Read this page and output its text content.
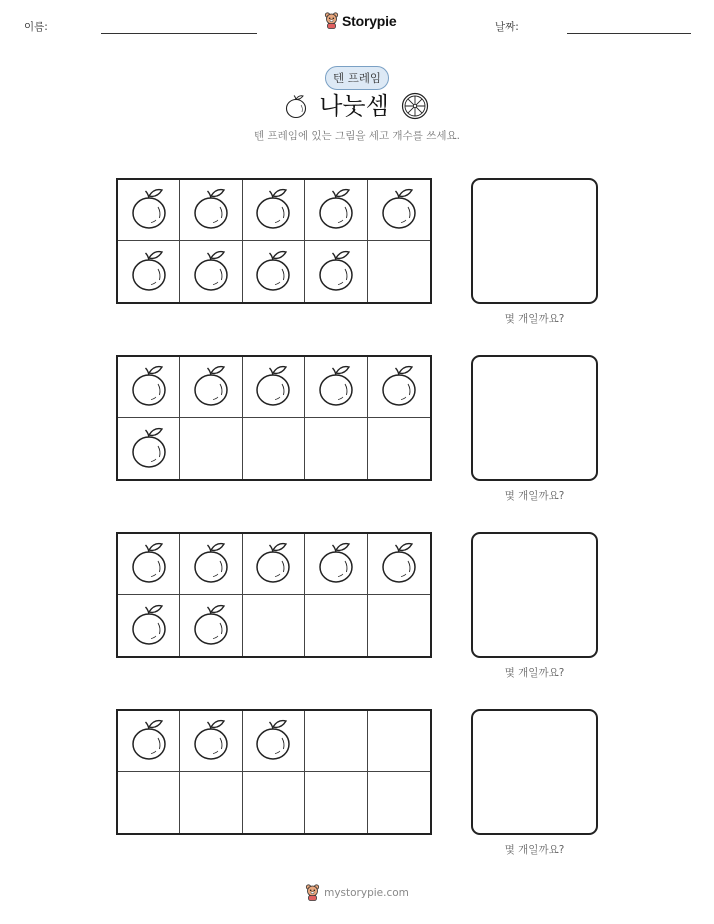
이름:	Storypie	날짜:
텐 프레임
나눗셈
텐 프레임에 있는 그림을 세고 개수를 쓰세요.
몇 개일까요?
몇 개일까요?
몇 개일까요?
몇 개일까요?
mystorypie.com
